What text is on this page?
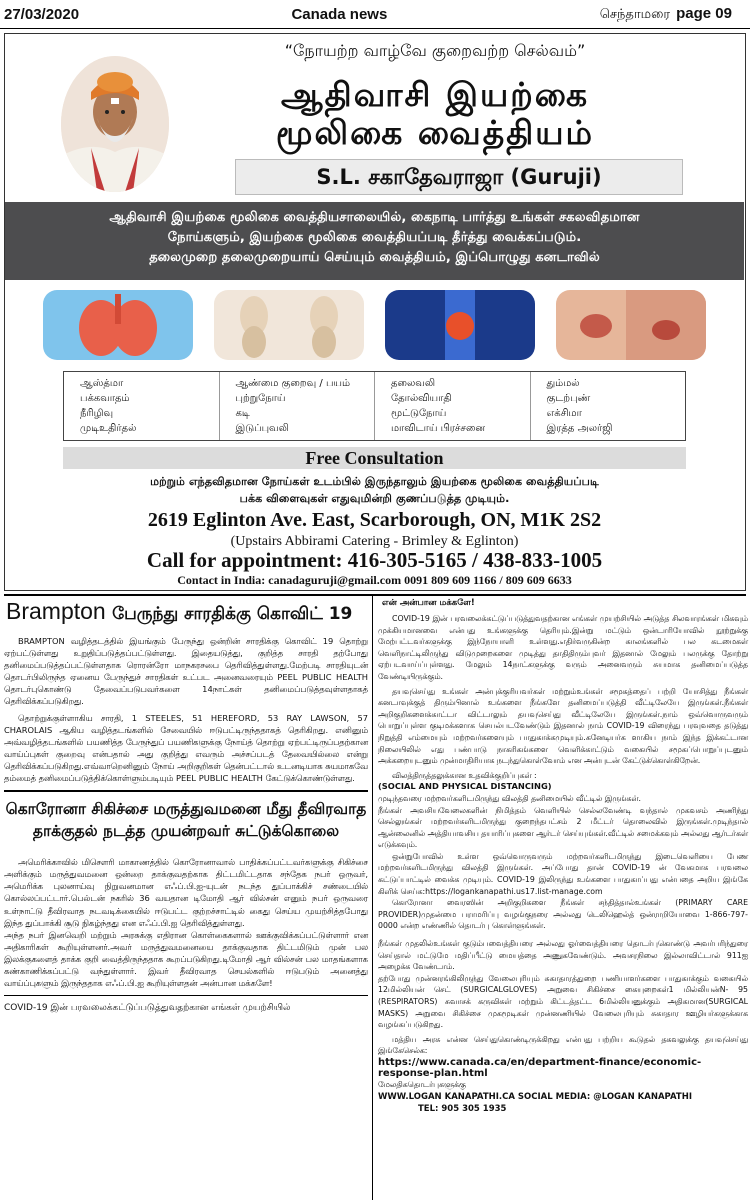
27/03/2020	Canada news	செந்தாமரை page 09
“நோயற்ற வாழ்வே குறைவற்ற செல்வம்”
ஆதிவாசி இயற்கை
மூலிகை வைத்தியம்
S.L. சகாதேவராஜா (Guruji)
ஆதிவாசி இயற்கை மூலிகை வைத்தியசாலையில், கைநாடி பார்த்து உங்கள் சகலவிதமான
நோய்களும், இயற்கை மூலிகை வைத்தியப்படி தீர்த்து வைக்கப்படும்.
தலைமுறை தலைமுறையாய் செய்யும் வைத்தியம், இப்பொழுது கனடாவில்
ஆஸ்த்மா
பக்கவாதம்
நீரிழிவு
முடிஉதிர்தல்
ஆண்மை குறைவு / பயம்
புற்றுநோய்
கடி
இடுப்புவலி
தலைவலி
தோல்வியாதி
மூட்டுநோய்
மாவிடாய் பிரச்சனை
தும்மல்
குடற்புண்
எக்சிமா
இரத்த அலர்ஜி
Free Consultation
மற்றும் எந்தவிதமான நோய்கள் உடம்பில் இருந்தாலும் இயற்கை மூலிகை வைத்தியப்படி
பக்க விளைவுகள் எதுவுமின்றி குணப்படுத்த முடியும்.
2619 Eglinton Ave. East, Scarborough, ON, M1K 2S2
(Upstairs Abbirami Catering - Brimley & Eglinton)
Call for appointment: 416-305-5165 / 438-833-1005
Contact in India: canadaguruji@gmail.com 0091 809 609 1166 / 809 609 6633
Brampton பேருந்து சாரதிக்கு கொவிட் 19

BRAMPTON வழித்தடத்தில் இயங்கும் பேருந்து ஒன்றின் சாரதிக்கு கொவிட் 19 தொற்று ஏற்பட்டுள்ளது உறுதிப்படுத்தப்பட்டுள்ளது. இதையடுத்து, குறித்த சாரதி தற்போது தனிமைப்படுத்தப்பட்டுள்ளதாக ரொரன்ரோ மாநகரசபை தெரிவித்துள்ளது.மேற்படி சாரதியுடன் தொடர்பிலிருந்த ஏனைய பேருந்துச் சாரதிகள் உட்பட அனைவரையும் PEEL PUBLIC HEALTH தொடர்புகொண்டு தேவைப்படுபவர்களை 14நாட்கள் தனிமைப்படுத்தவுள்ளதாகத் தெரிவிக்கப்படுகிறது.

தொற்றுக்குள்ளாகிய சாரதி, 1 STEELES, 51 HEREFORD, 53 RAY LAWSON, 57 CHAROLAIS ஆகிய வழித்தடங்களில் சேவையில் ஈடுபட்டிருந்ததாகத் தெரிகிறது. எனினும் அவ்வழித்தடங்களில் பயணித்த பேருந்துப் பயணிகளுக்கு நோய்த் தொற்று ஏற்பட்டிருப்பதற்கான வாய்ப்புகள் குறைவு என்பதால் அது குறித்து எவரும் அச்சப்படத் தேவையில்லை என்று தெரிவிக்கப்படுகிறது.எவ்வாறெனினும் நோய் அறிகுறிகள் தென்பட்டால் உடனடியாக சுயமாகவே தம்மைத் தனிமைப்படுத்திக்கொள்ளும்படியும் PEEL PUBLIC HEALTH கேட்டுக்கொண்டுள்ளது.

கொரோனா சிகிச்சை மருத்துவமனை மீது தீவிரவாத
தாக்குதல் நடத்த முயன்றவர் சுட்டுக்கொலை

அமெரிக்காவில் மிசௌரி மாகாணத்தில் கொரோனாவால் பாதிக்கப்பட்டவர்களுக்கு சிகிச்சை அளிக்கும் மருத்துவமனை ஒன்றை தாக்குவதற்காக திட்டமிட்டதாக சந்தேக நபர் ஒருவர், அமெரிக்க புலனாய்வு நிறுவனமான எஃப்.பி.ஐ-யுடன் நடந்த துப்பாக்கிச் சண்டையில் கொல்லப்பட்டார்.பெல்டன் நகரில் 36 வயதான டிமோதி ஆர் வில்சன் எனும் நபர் ஒருவரை உள்நாட்டு தீவிரவாத நடவடிக்கையில் ஈடுபட்ட குற்றச்சாட்டில் கைது செய்ய முயற்சித்தபோது இந்த துப்பாக்கி சூடு நிகழ்ந்தது என எஃப்.பி.ஐ தெரிவித்துள்ளது.

அந்த நபர் இனவெறி மற்றும் அரசுக்கு எதிரான கொள்கைகளால் ஊக்குவிக்கப்பட்டுள்ளார் என அதிகாரிகள் கூறியுள்ளனர்.அவர் மருத்துவமனையை தாக்குவதாக திட்டமிடும் முன் பல இலக்குகளைத் தாக்க குறி வைத்திருந்ததாக கூறப்படுகிறது.டிமோதி ஆர் வில்சன் பல மாதங்களாக கண்காணிக்கப்பட்டு வந்துள்ளார். இவர் தீவிரவாத செயல்களில் ஈடுபடும் அனைத்து வாய்ப்புகளும் இருந்ததாக எஃப்.பி.ஐ கூறியுள்ளதன் அன்பான மக்களே!

COVID-19 இன் பரவலைக்கட்டுப்படுத்துவதற்கான எங்கள் முயற்சியில்

என் அன்பான மக்களே!

COVID-19 இன் பரவலைக்கட்டுப்படுத்துவதற்கான எங்கள் முயற்சியில் அடுத்த சிலவாரங்கள் மிகவும் முக்கியமானவை என்பது உங்களுக்கு தெரியும்.இன்று மட்டும் ஒன்டாரியோவில் நூற்றுக்கு மேற்பட்டவர்களுக்கு இந்நோயாளி உள்ளது.எதிர்வருகின்ற காலங்களில் பல கடமைகள் வெளிநாட்டிலிருந்து விடுமுறைகளை முடித்து தாதிதிரும்புவர் இதனால் மேலும் பலருக்கு தோற்று ஏற்படவாய்ப்புள்ளது. மேலும் 14நாட்களுக்கு வரும் அனைவரும் சுயமாக தனிமைப்படுத்த வேண்டியிருக்கும்.

தயவுசெய்து உங்கள் அன்புக்குரியவர்கள் மற்றும்உங்கள் சமூகத்தைப் பற்றி யோசித்து நீங்கள் கனடாவுக்குத் திரும்பினால் உங்களை நீங்களே தனிமைப்படுத்தி வீட்டிலேயே இருங்கள்.நீங்கள் அறிகுறிகளைக்காட்டா விட்டாலும் தயவுசெய்து வீட்டிலேயே இருங்கள்.நாம் ஒவ்வொருவரும் பொறுப்புள்ள குடிமக்களாக செயல்படவேண்டும் இதனால் நாம் COVID-19 விரைந்து பரவுவதை தடுத்து நிறுத்தி எம்மையும் மற்றவர்களையும் பாதுகாக்கமுடியும்.கனேடியர்க ளாகிய நாம் இந்த இக்கட்டான நிலையிலில் எது பண்பாடு நாகரிகங்களை வெளிக்காட்டும் வகையில் சமூகப்பொறுப்புடனும் அக்கறையுடனும் முன்மாதிரியாக நடந்துகொள்வோம் என அன்புடன் கேட்டுக்கொள்கிறேன்.

விலத்திருத்தலுக்கான உதவிக்குறிப்புகள் :

(SOCIAL AND PHYSICAL DISTANCING)

முடிந்தவரை மற்றவர்களிடமிருந்து விலத்தி தனிமையில் வீட்டில் இருங்கள்.

நீங்கள் அவசியவேலைகளின் நிமித்தம் வெளியில் செல்லவேண்டி வந்தால் முகவசம் அணிந்து செல்லுங்கள் மற்றவர்களிடமிருந்து குறைந்தபட்சம் 2 மீட்டர் தொலைவில் இருங்கள்.முடிந்தால் ஆன்லைனில் அத்தியாவசிய தயாரிப்புகளை ஆர்டர் செய்யுங்கள்.வீட்டில் சமைக்கவும் அல்லது ஆர்டர்கள் எடுக்கவும்.

ஒன்றுபோவில் உள்ள ஒவ்வொருவரும் மற்றவர்களிடமிருந்து இடைவெளியை பேண மற்றவர்களிடமிருந்து விலத்தி இருங்கள். அப்போது தான் COVID-19 ன் வேகமாக பரவலை கட்டுப்பாட்டில் வைக்க முடியும். COVID-19 இலிருந்து உங்களை பாதுகாப்பது என்பதை அறிய இங்கே கிளிக் செய்க:https://logankanapathi.us17.list-manage.com

கொரோனா வைரஸின் அறிகுறிகளை நீங்கள் சந்தித்தால்உங்கள் (PRIMARY CARE PROVIDER)முதன்மை பராமரிப்பு வழங்குநரை அல்லது டெலிஹெல்த் ஒன்ராறியோவை 1-866-797-0000 என்ற எண்ணில் தொடர்பு கொள்ளுங்கள்.

நீங்கள் முதலில்உங்கள் குடும்பவைத்தியரை அல்லது ஓர்வைத்தியரை தொடர்புகொண்டு அவர்பரிந்துரை செய்தால் மட்டுமே மதிப்பீட்டு மையத்தை அணுகவேண்டும். அவசரநிலை இல்லாவிட்டால் 911ஐ அழைக்க வேண்டாம்.

தற்போது முன்னரங்கிலிருந்து வேலைபுரியும் சுகாதாரத்துறை பணியாளர்களை பாதுகாக்கும் வகையில் 12மில்லியன் செட் (SURGICALGLOVES) அறுவை சிகிச்சை கையுறைகள்1 மில்லியன்N- 95 (RESPIRATORS) சுவாசக் கருவிகள் மற்றும் கிட்டத்தட்ட 6மில்லியனுக்கும் அதிகமான(SURGICAL MASKS) அறுவை சிகிச்சை முகமூடிகள் முன்னணியில் வேலைபுரியும் சுகாதார ஊழியர்களுக்காக வழங்கப்படுகிறது.

மத்திய அரசு என்ன செய்துகொண்டிருக்கிறது என்பது பற்றிய கூடுதல் தகவலுக்கு தயவுசெய்து இங்கேசெல்க:

https://www.canada.ca/en/department-finance/economic-response-plan.html

மேலதிகதொடர்புகளுக்கு

WWW.LOGAN KANAPATHI.CA SOCIAL MEDIA: @LOGAN KANAPATHI
TEL: 905 305 1935
